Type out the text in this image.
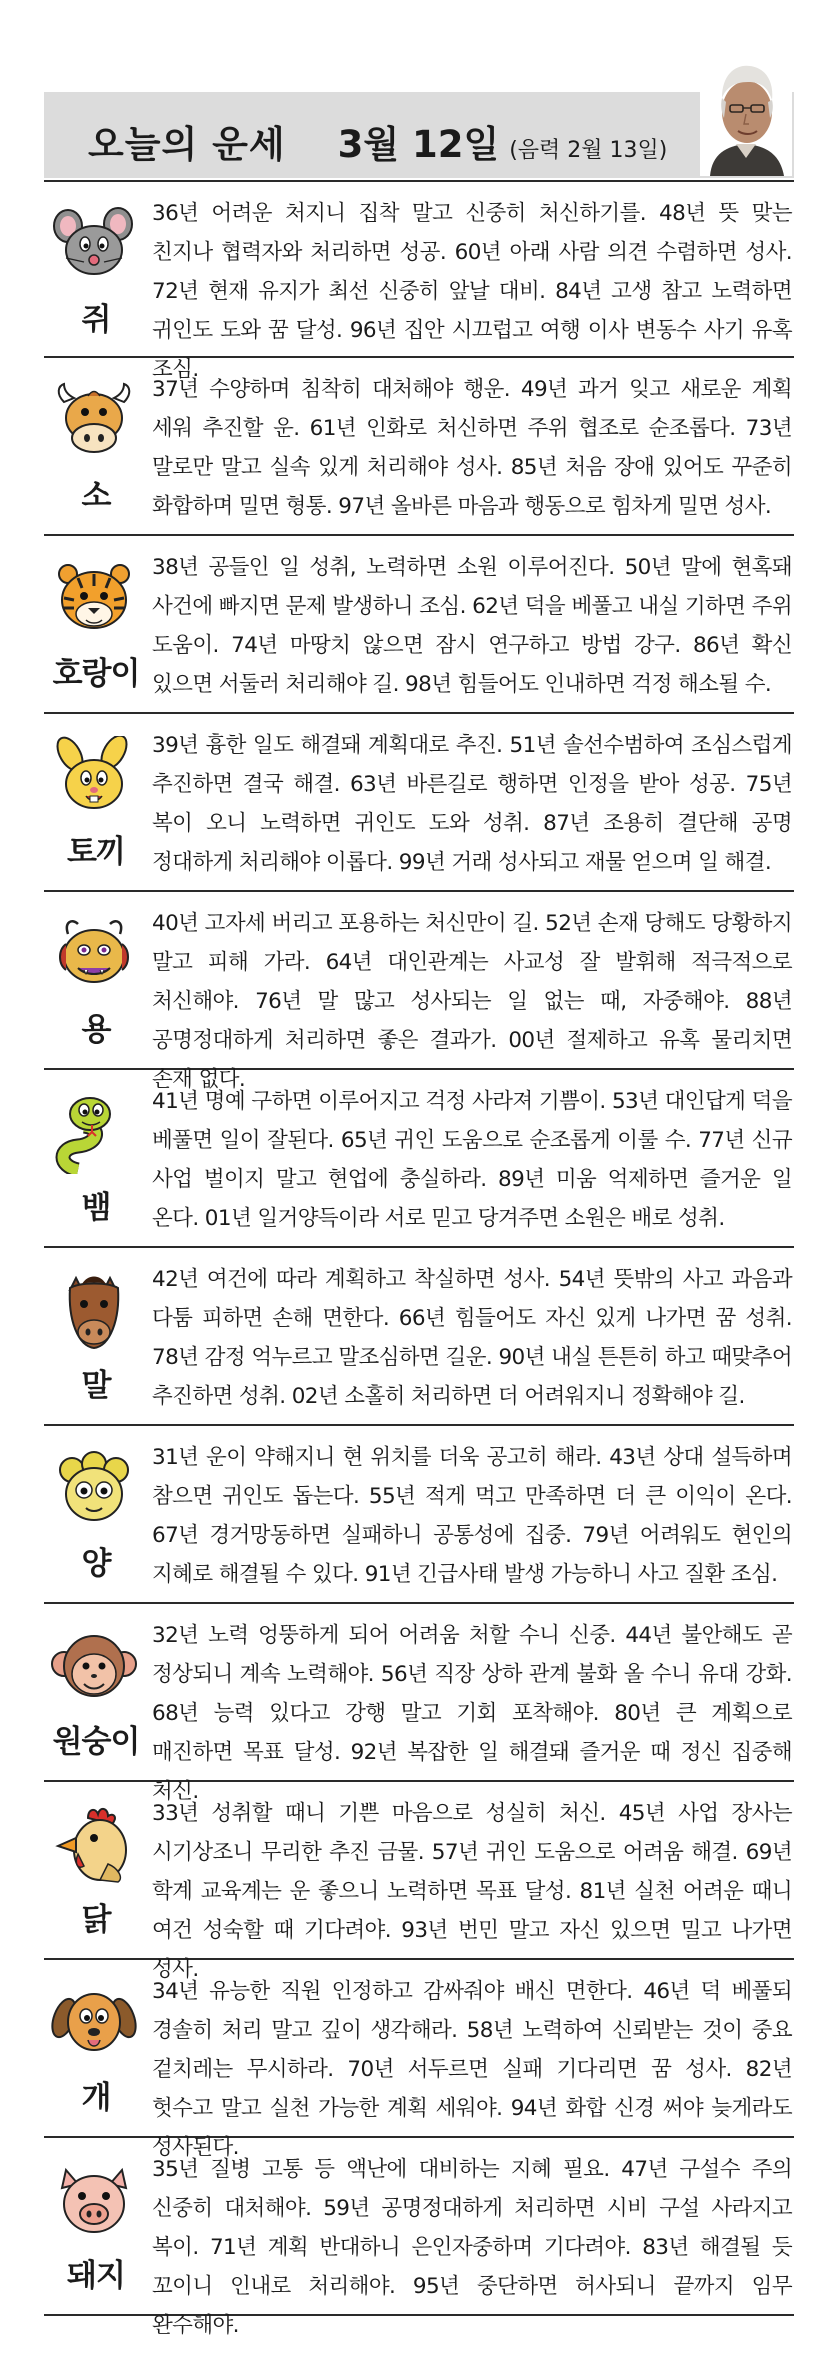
오늘의 운세 3월 12일 (음력 2월 13일)
쥐
36년 어려운 처지니 집착 말고 신중히 처신하기를. 48년 뜻 맞는 친지나 협력자와 처리하면 성공. 60년 아래 사람 의견 수렴하면 성사. 72년 현재 유지가 최선 신중히 앞날 대비. 84년 고생 참고 노력하면 귀인도 도와 꿈 달성. 96년 집안 시끄럽고 여행 이사 변동수 사기 유혹 조심.
소
37년 수양하며 침착히 대처해야 행운. 49년 과거 잊고 새로운 계획 세워 추진할 운. 61년 인화로 처신하면 주위 협조로 순조롭다. 73년 말로만 말고 실속 있게 처리해야 성사. 85년 처음 장애 있어도 꾸준히 화합하며 밀면 형통. 97년 올바른 마음과 행동으로 힘차게 밀면 성사.
호랑이
38년 공들인 일 성취, 노력하면 소원 이루어진다. 50년 말에 현혹돼 사건에 빠지면 문제 발생하니 조심. 62년 덕을 베풀고 내실 기하면 주위 도움이. 74년 마땅치 않으면 잠시 연구하고 방법 강구. 86년 확신 있으면 서둘러 처리해야 길. 98년 힘들어도 인내하면 걱정 해소될 수.
토끼
39년 흉한 일도 해결돼 계획대로 추진. 51년 솔선수범하여 조심스럽게 추진하면 결국 해결. 63년 바른길로 행하면 인정을 받아 성공. 75년 복이 오니 노력하면 귀인도 도와 성취. 87년 조용히 결단해 공명 정대하게 처리해야 이롭다. 99년 거래 성사되고 재물 얻으며 일 해결.
용
40년 고자세 버리고 포용하는 처신만이 길. 52년 손재 당해도 당황하지 말고 피해 가라. 64년 대인관계는 사교성 잘 발휘해 적극적으로 처신해야. 76년 말 많고 성사되는 일 없는 때, 자중해야. 88년 공명정대하게 처리하면 좋은 결과가. 00년 절제하고 유혹 물리치면 손재 없다.
뱀
41년 명예 구하면 이루어지고 걱정 사라져 기쁨이. 53년 대인답게 덕을 베풀면 일이 잘된다. 65년 귀인 도움으로 순조롭게 이룰 수. 77년 신규 사업 벌이지 말고 현업에 충실하라. 89년 미움 억제하면 즐거운 일 온다. 01년 일거양득이라 서로 믿고 당겨주면 소원은 배로 성취.
말
42년 여건에 따라 계획하고 착실하면 성사. 54년 뜻밖의 사고 과음과 다툼 피하면 손해 면한다. 66년 힘들어도 자신 있게 나가면 꿈 성취. 78년 감정 억누르고 말조심하면 길운. 90년 내실 튼튼히 하고 때맞추어 추진하면 성취. 02년 소홀히 처리하면 더 어려워지니 정확해야 길.
양
31년 운이 약해지니 현 위치를 더욱 공고히 해라. 43년 상대 설득하며 참으면 귀인도 돕는다. 55년 적게 먹고 만족하면 더 큰 이익이 온다. 67년 경거망동하면 실패하니 공통성에 집중. 79년 어려워도 현인의 지혜로 해결될 수 있다. 91년 긴급사태 발생 가능하니 사고 질환 조심.
원숭이
32년 노력 엉뚱하게 되어 어려움 처할 수니 신중. 44년 불안해도 곧 정상되니 계속 노력해야. 56년 직장 상하 관계 불화 올 수니 유대 강화. 68년 능력 있다고 강행 말고 기회 포착해야. 80년 큰 계획으로 매진하면 목표 달성. 92년 복잡한 일 해결돼 즐거운 때 정신 집중해 처신.
닭
33년 성취할 때니 기쁜 마음으로 성실히 처신. 45년 사업 장사는 시기상조니 무리한 추진 금물. 57년 귀인 도움으로 어려움 해결. 69년 학계 교육계는 운 좋으니 노력하면 목표 달성. 81년 실천 어려운 때니 여건 성숙할 때 기다려야. 93년 번민 말고 자신 있으면 밀고 나가면 성사.
개
34년 유능한 직원 인정하고 감싸줘야 배신 면한다. 46년 덕 베풀되 경솔히 처리 말고 깊이 생각해라. 58년 노력하여 신뢰받는 것이 중요 겉치레는 무시하라. 70년 서두르면 실패 기다리면 꿈 성사. 82년 헛수고 말고 실천 가능한 계획 세워야. 94년 화합 신경 써야 늦게라도 성사된다.
돼지
35년 질병 고통 등 액난에 대비하는 지혜 필요. 47년 구설수 주의 신중히 대처해야. 59년 공명정대하게 처리하면 시비 구설 사라지고 복이. 71년 계획 반대하니 은인자중하며 기다려야. 83년 해결될 듯 꼬이니 인내로 처리해야. 95년 중단하면 허사되니 끝까지 임무 완수해야.
